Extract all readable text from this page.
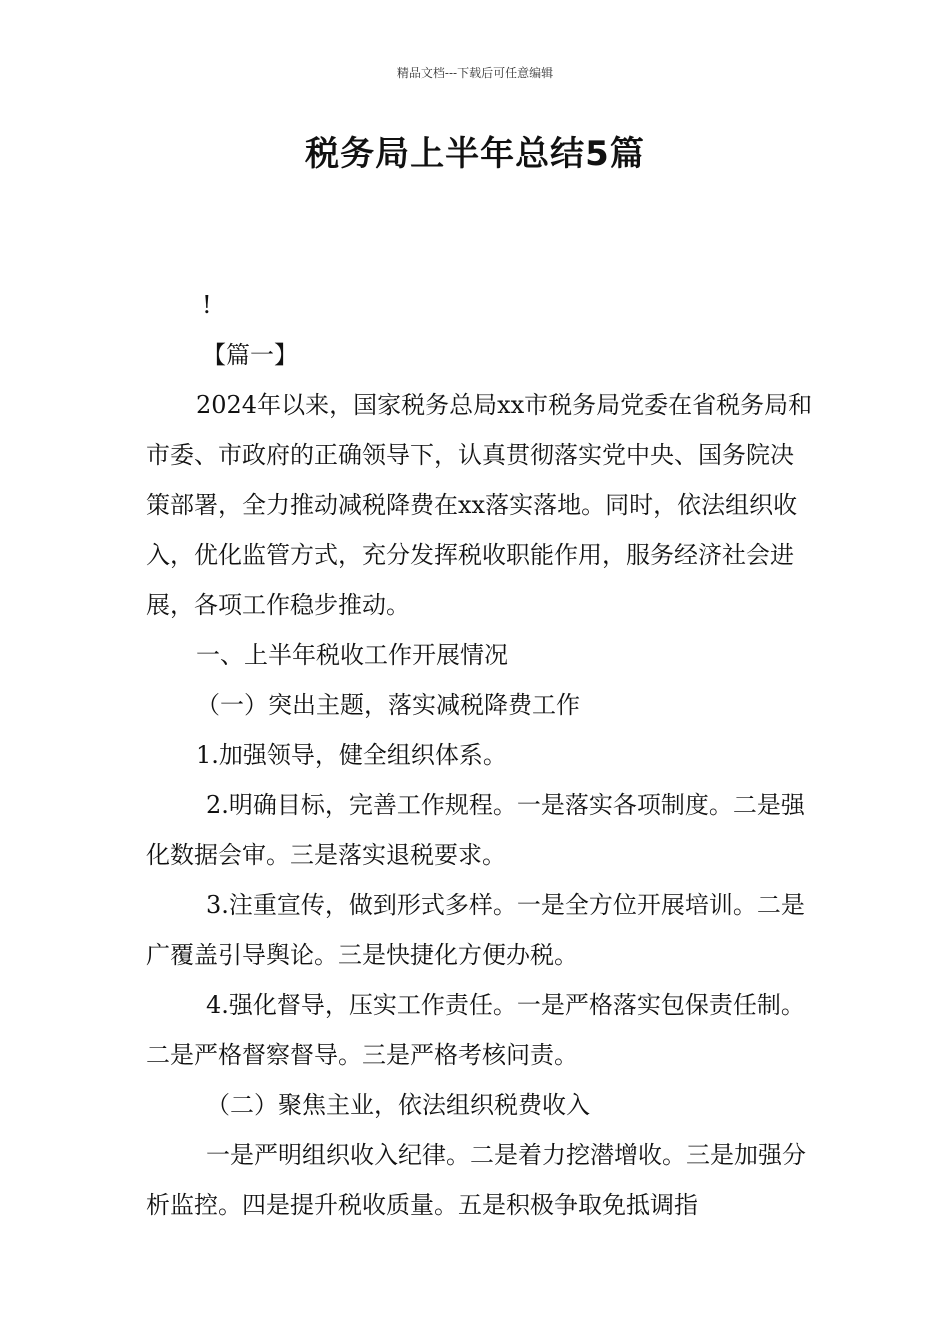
精品文档---下载后可任意编辑
税务局上半年总结5篇

!

【篇一】

2024年以来，国家税务总局xx市税务局党委在省税务局和市委、市政府的正确领导下，认真贯彻落实党中央、国务院决策部署，全力推动减税降费在xx落实落地。同时，依法组织收入，优化监管方式，充分发挥税收职能作用，服务经济社会进展，各项工作稳步推动。

一、上半年税收工作开展情况

（一）突出主题，落实减税降费工作

1.加强领导，健全组织体系。

2.明确目标，完善工作规程。一是落实各项制度。二是强化数据会审。三是落实退税要求。

3.注重宣传，做到形式多样。一是全方位开展培训。二是广覆盖引导舆论。三是快捷化方便办税。

4.强化督导，压实工作责任。一是严格落实包保责任制。二是严格督察督导。三是严格考核问责。

（二）聚焦主业，依法组织税费收入

一是严明组织收入纪律。二是着力挖潜增收。三是加强分析监控。四是提升税收质量。五是积极争取免抵调指
